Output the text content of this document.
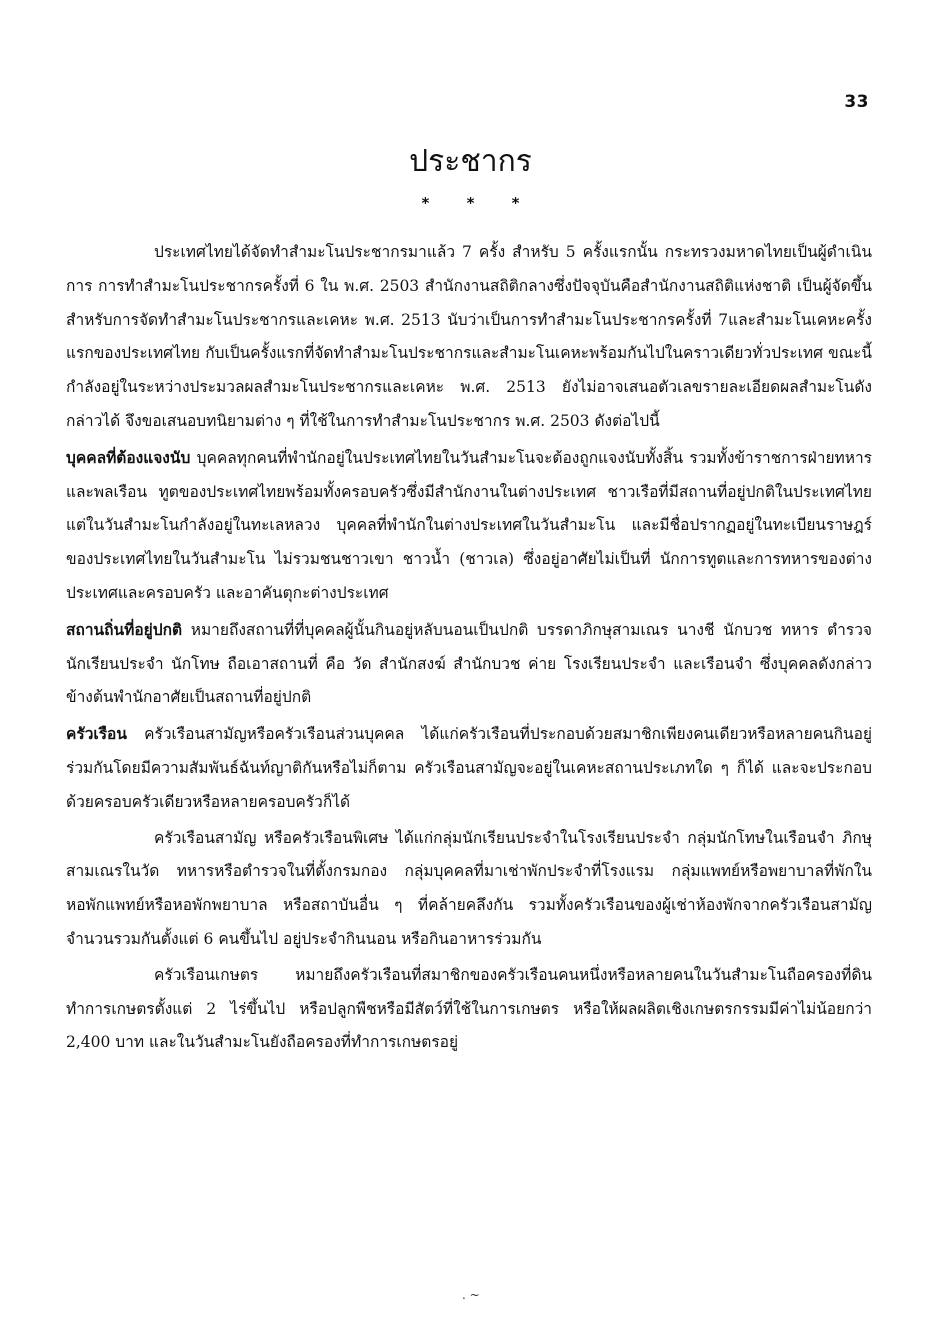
33
ประชากร
* * *

ประเทศไทยได้จัดทำสำมะโนประชากรมาแล้ว 7 ครั้ง สำหรับ 5 ครั้งแรกนั้น กระทรวงมหาดไทยเป็นผู้ดำเนินการ การทำสำมะโนประชากรครั้งที่ 6 ใน พ.ศ. 2503 สำนักงานสถิติกลางซึ่งปัจจุบันคือสำนักงานสถิติแห่งชาติ เป็นผู้จัดขึ้น สำหรับการจัดทำสำมะโนประชากรและเคหะ พ.ศ. 2513 นับว่าเป็นการทำสำมะโนประชากรครั้งที่ 7และสำมะโนเคหะครั้งแรกของประเทศไทย กับเป็นครั้งแรกที่จัดทำสำมะโนประชากรและสำมะโนเคหะพร้อมกันไปในคราวเดียวทั่วประเทศ ขณะนี้กำลังอยู่ในระหว่างประมวลผลสำมะโนประชากรและเคหะ พ.ศ. 2513 ยังไม่อาจเสนอตัวเลขรายละเอียดผลสำมะโนดังกล่าวได้ จึงขอเสนอบทนิยามต่าง ๆ ที่ใช้ในการทำสำมะโนประชากร พ.ศ. 2503 ดังต่อไปนี้

บุคคลที่ต้องแจงนับ บุคคลทุกคนที่พำนักอยู่ในประเทศไทยในวันสำมะโนจะต้องถูกแจงนับทั้งสิ้น รวมทั้งข้าราชการฝ่ายทหารและพลเรือน ทูตของประเทศไทยพร้อมทั้งครอบครัวซึ่งมีสำนักงานในต่างประเทศ ชาวเรือที่มีสถานที่อยู่ปกติในประเทศไทยแต่ในวันสำมะโนกำลังอยู่ในทะเลหลวง บุคคลที่พำนักในต่างประเทศในวันสำมะโน และมีชื่อปรากฏอยู่ในทะเบียนราษฎร์ของประเทศไทยในวันสำมะโน ไม่รวมชนชาวเขา ชาวน้ำ (ชาวเล) ซึ่งอยู่อาศัยไม่เป็นที่ นักการทูตและการทหารของต่างประเทศและครอบครัว และอาคันตุกะต่างประเทศ

สถานถิ่นที่อยู่ปกติ หมายถึงสถานที่ที่บุคคลผู้นั้นกินอยู่หลับนอนเป็นปกติ บรรดาภิกษุสามเณร นางชี นักบวช ทหาร ตำรวจ นักเรียนประจำ นักโทษ ถือเอาสถานที่ คือ วัด สำนักสงฆ์ สำนักบวช ค่าย โรงเรียนประจำ และเรือนจำ ซึ่งบุคคลดังกล่าวข้างต้นพำนักอาศัยเป็นสถานที่อยู่ปกติ

ครัวเรือน ครัวเรือนสามัญหรือครัวเรือนส่วนบุคคล ได้แก่ครัวเรือนที่ประกอบด้วยสมาชิกเพียงคนเดียวหรือหลายคนกินอยู่ร่วมกันโดยมีความสัมพันธ์ฉันท์ญาติกันหรือไม่ก็ตาม ครัวเรือนสามัญจะอยู่ในเคหะสถานประเภทใด ๆ ก็ได้ และจะประกอบด้วยครอบครัวเดียวหรือหลายครอบครัวก็ได้

ครัวเรือนสามัญ หรือครัวเรือนพิเศษ ได้แก่กลุ่มนักเรียนประจำในโรงเรียนประจำ กลุ่มนักโทษในเรือนจำ ภิกษุสามเณรในวัด ทหารหรือตำรวจในที่ตั้งกรมกอง กลุ่มบุคคลที่มาเช่าพักประจำที่โรงแรม กลุ่มแพทย์หรือพยาบาลที่พักในหอพักแพทย์หรือหอพักพยาบาล หรือสถาบันอื่น ๆ ที่คล้ายคลึงกัน รวมทั้งครัวเรือนของผู้เช่าห้องพักจากครัวเรือนสามัญ จำนวนรวมกันตั้งแต่ 6 คนขึ้นไป อยู่ประจำกินนอน หรือกินอาหารร่วมกัน

ครัวเรือนเกษตร หมายถึงครัวเรือนที่สมาชิกของครัวเรือนคนหนึ่งหรือหลายคนในวันสำมะโนถือครองที่ดินทำการเกษตรตั้งแต่ 2 ไร่ขึ้นไป หรือปลูกพืชหรือมีสัตว์ที่ใช้ในการเกษตร หรือให้ผลผลิตเชิงเกษตรกรรมมีค่าไม่น้อยกว่า 2,400 บาท และในวันสำมะโนยังถือครองที่ทำการเกษตรอยู่

. ~
